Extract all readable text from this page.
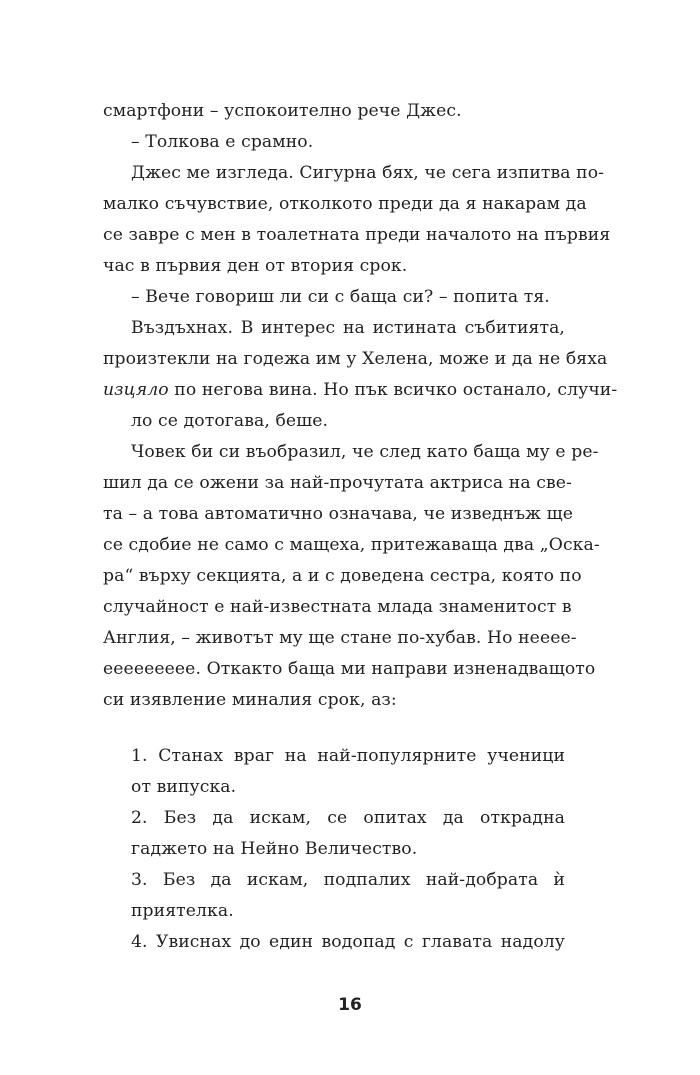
смартфони – успокоително рече Джес.
– Толкова е срамно.
Джес ме изгледа. Сигурна бях, че сега изпитва по-
малко съчувствие, отколкото преди да я накарам да
се завре с мен в тоалетната преди началото на първия
час в първия ден от втория срок.
– Вече говориш ли си с баща си? – попита тя.
Въздъхнах. В интерес на истината събитията,
произтекли на годежа им у Хелена, може и да не бяха
изцяло по негова вина. Но пък всичко останало, случи-
ло се дотогава, беше.
Човек би си въобразил, че след като баща му е ре-
шил да се ожени за най-прочутата актриса на све-
та – а това автоматично означава, че изведнъж ще
се сдобие не само с мащеха, притежаваща два „Оска-
ра“ върху секцията, а и с доведена сестра, която по
случайност е най-известната млада знаменитост в
Англия, – животът му ще стане по-хубав. Но нееее-
еееееееее. Откакто баща ми направи изненадващото
си изявление миналия срок, аз:
1. Станах враг на най-популярните ученици
от випуска.
2. Без да искам, се опитах да открадна
гаджето на Нейно Величество.
3. Без да искам, подпалих най-добрата ѝ
приятелка.
4. Увиснах до един водопад с главата надолу
16
